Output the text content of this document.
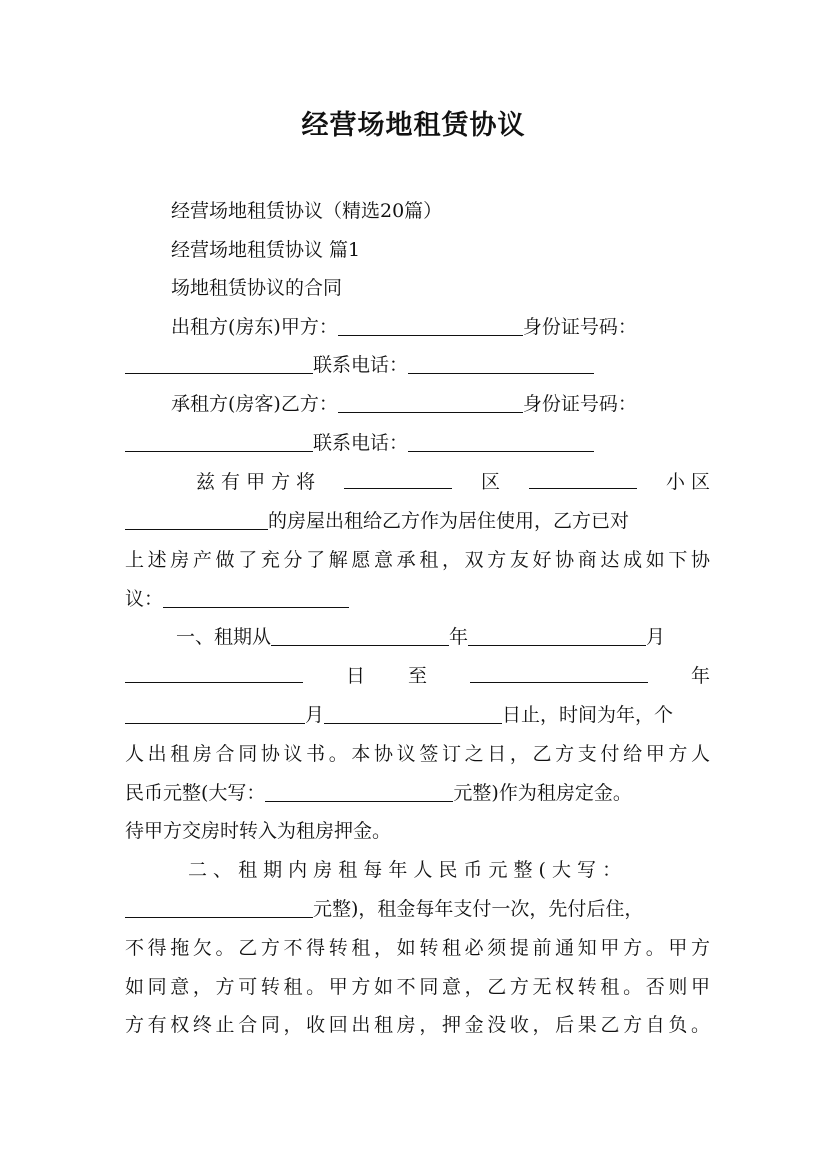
经营场地租赁协议
经营场地租赁协议（精选20篇）
经营场地租赁协议 篇1
场地租赁协议的合同
出租方(房东)甲方：	身份证号码：
联系电话：
承租方(房客)乙方：	身份证号码：
联系电话：
兹 有 甲 方 将	区	小 区
的房屋出租给乙方作为居住使用，乙方已对
上述房产做了充分了解愿意承租，双方友好协商达成如下协
议：
一、租期从	年	月
日 至	年
月	日止，时间为年，个
人出租房合同协议书。本协议签订之日，乙方支付给甲方人
民币元整(大写：	元整)作为租房定金。
待甲方交房时转入为租房押金。
二 、 租 期 内 房 租 每 年 人 民 币 元 整 ( 大 写 ：
元整)，租金每年支付一次，先付后住，
不得拖欠。乙方不得转租，如转租必须提前通知甲方。甲方
如同意，方可转租。甲方如不同意，乙方无权转租。否则甲
方有权终止合同，收回出租房，押金没收，后果乙方自负。
